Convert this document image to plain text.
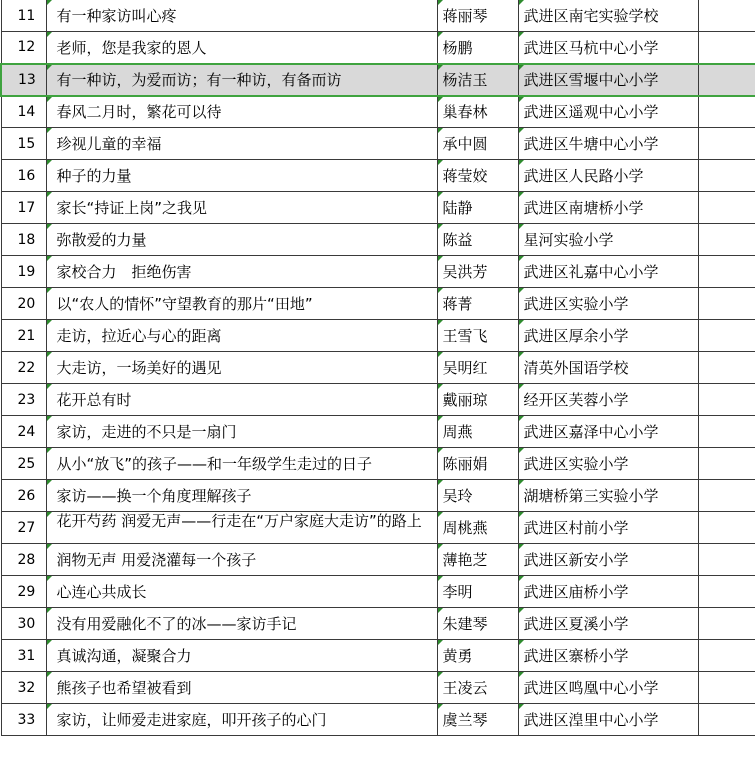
11	有一种家访叫心疼	蒋丽琴	武进区南宅实验学校	
12	老师，您是我家的恩人	杨鹏	武进区马杭中心小学	
13	有一种访，为爱而访；有一种访，有备而访	杨洁玉	武进区雪堰中心小学	
14	春风二月时，繁花可以待	巢春林	武进区遥观中心小学	
15	珍视儿童的幸福	承中圆	武进区牛塘中心小学	
16	种子的力量	蒋莹姣	武进区人民路小学	
17	家长“持证上岗”之我见	陆静	武进区南塘桥小学	
18	弥散爱的力量	陈益	星河实验小学	
19	家校合力　拒绝伤害	吴洪芳	武进区礼嘉中心小学	
20	以“农人的情怀”守望教育的那片“田地”	蒋菁	武进区实验小学	
21	走访，拉近心与心的距离	王雪飞	武进区厚余小学	
22	大走访，一场美好的遇见	吴明红	清英外国语学校	
23	花开总有时	戴丽琼	经开区芙蓉小学	
24	家访，走进的不只是一扇门	周燕	武进区嘉泽中心小学	
25	从小“放飞”的孩子——和一年级学生走过的日子	陈丽娟	武进区实验小学	
26	家访——换一个角度理解孩子	吴玲	湖塘桥第三实验小学	
27	花开芍药 润爱无声——行走在“万户家庭大走访”的路上	周桃燕	武进区村前小学	
28	润物无声 用爱浇灌每一个孩子	薄艳芝	武进区新安小学	
29	心连心共成长	李明	武进区庙桥小学	
30	没有用爱融化不了的冰——家访手记	朱建琴	武进区夏溪小学	
31	真诚沟通，凝聚合力	黄勇	武进区寨桥小学	
32	熊孩子也希望被看到	王凌云	武进区鸣凰中心小学	
33	家访，让师爱走进家庭，叩开孩子的心门	虞兰琴	武进区湟里中心小学	
